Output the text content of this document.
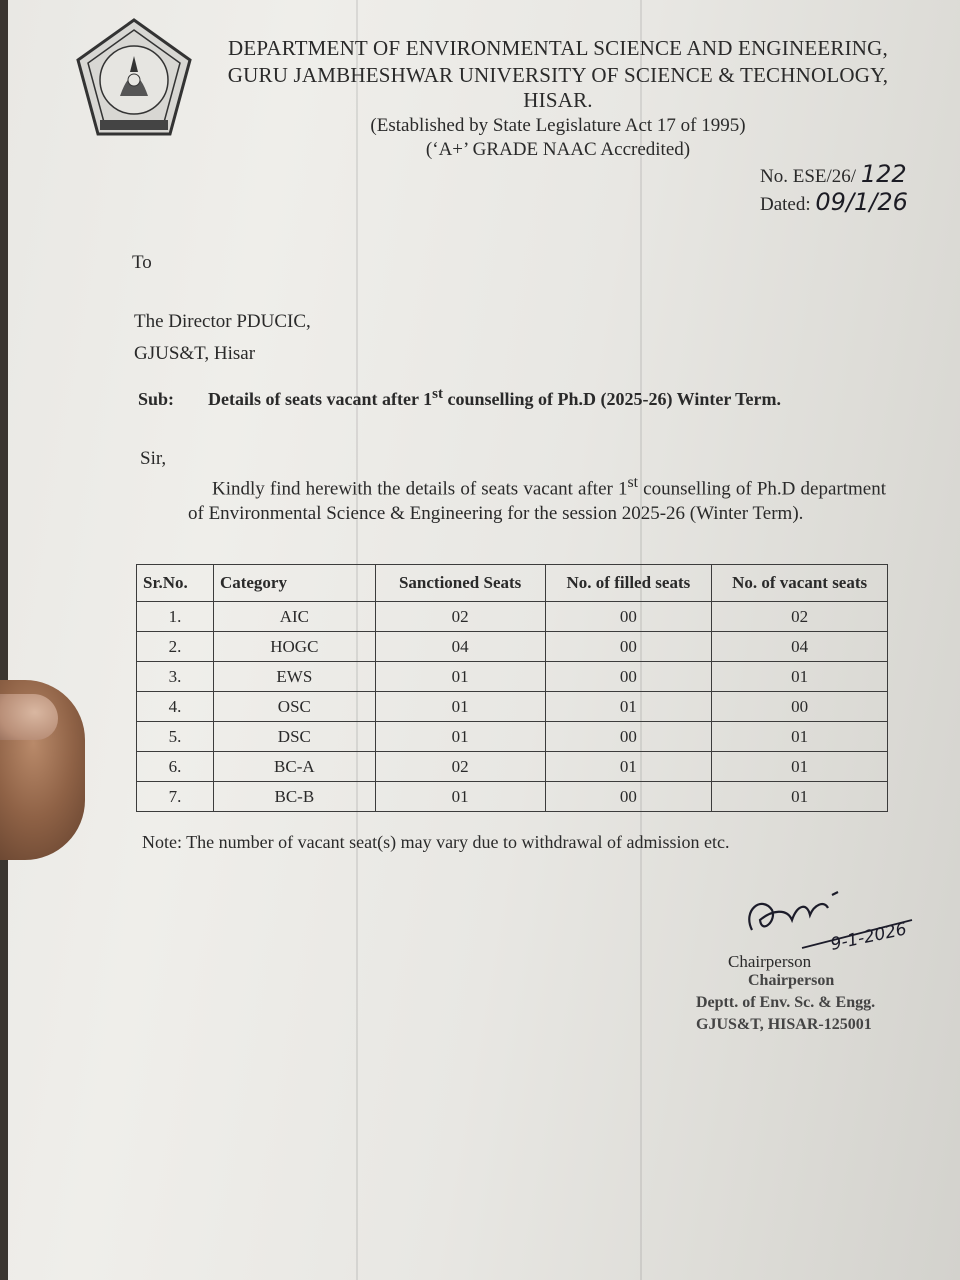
DEPARTMENT OF ENVIRONMENTAL SCIENCE AND ENGINEERING,
GURU JAMBHESHWAR UNIVERSITY OF SCIENCE & TECHNOLOGY, HISAR.
(Established by State Legislature Act 17 of 1995)
(‘A+’ GRADE NAAC Accredited)
No. ESE/26/ 122
Dated: 09/1/26
To
The Director PDUCIC,
GJUS&T, Hisar
Sub: Details of seats vacant after 1st counselling of Ph.D (2025-26) Winter Term.
Sir,
Kindly find herewith the details of seats vacant after 1st counselling of Ph.D department of Environmental Science & Engineering for the session 2025-26 (Winter Term).
Sr.No.	Category	Sanctioned Seats	No. of filled seats	No. of vacant seats
1.	AIC	02	00	02
2.	HOGC	04	00	04
3.	EWS	01	00	01
4.	OSC	01	01	00
5.	DSC	01	00	01
6.	BC-A	02	01	01
7.	BC-B	01	00	01
Note: The number of vacant seat(s) may vary due to withdrawal of admission etc.
9-1-2026
Chairperson
Chairperson
Deptt. of Env. Sc. & Engg.
GJUS&T, HISAR-125001
